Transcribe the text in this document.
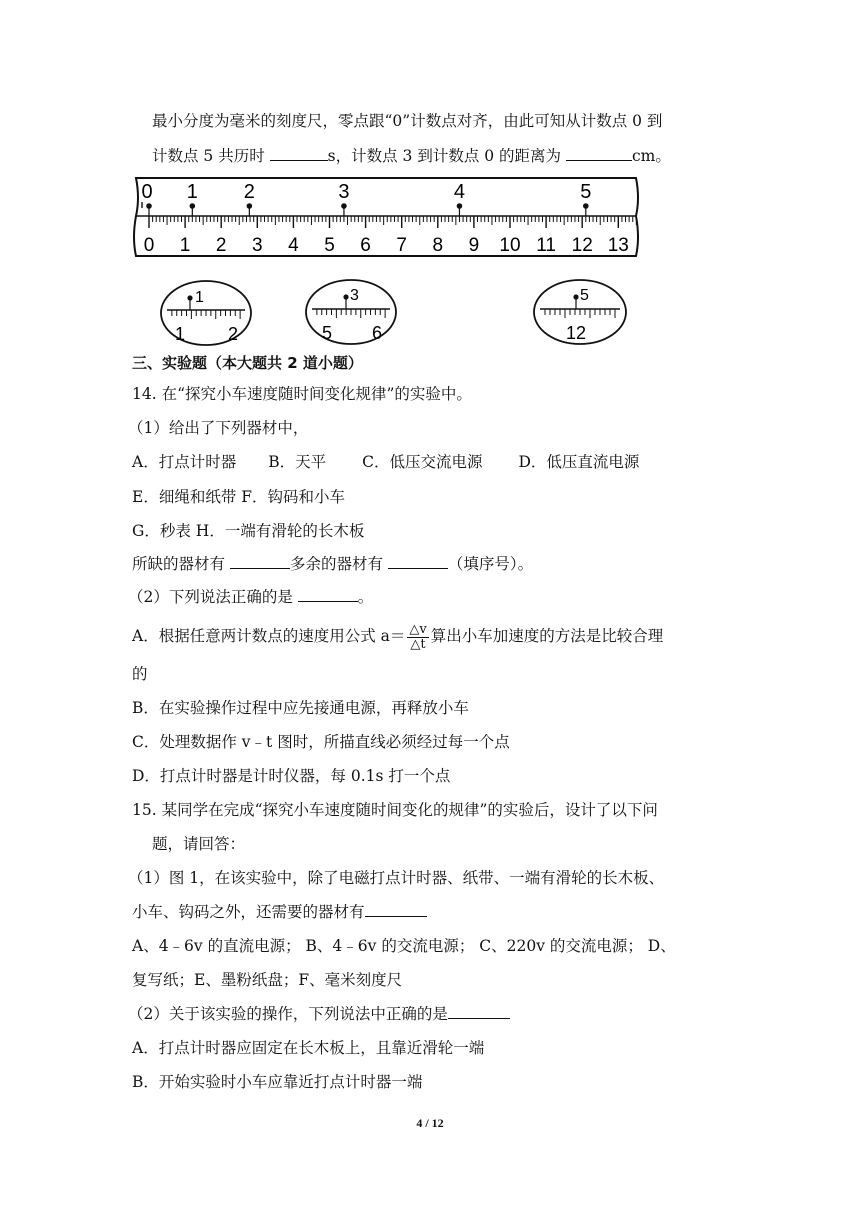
最小分度为毫米的刻度尺，零点跟“0”计数点对齐，由此可知从计数点 0 到
计数点 5 共历时	s，计数点 3 到计数点 0 的距离为	cm。
0 1 2 3 4 5 6 7 8 9 10 11 12 13
0 1 2	3	4	5
1
1 2
3
5 6
5
12
三、实验题（本大题共 2 道小题）
14. 在“探究小车速度随时间变化规律”的实验中。
（1）给出了下列器材中，
A．打点计时器 B．天平 C．低压交流电源 D．低压直流电源
E．细绳和纸带 F．钩码和小车
G．秒表 H．一端有滑轮的长木板
所缺的器材有	多余的器材有	（填序号）。
（2）下列说法正确的是	。
A．根据任意两计数点的速度用公式 $a= \frac{\triangle v}{\triangle t}$ 算出小车加速度的方法是比较合理
的
B．在实验操作过程中应先接通电源，再释放小车
C．处理数据作 v﹣t 图时，所描直线必须经过每一个点
D．打点计时器是计时仪器，每 0.1s 打一个点
15. 某同学在完成“探究小车速度随时间变化的规律”的实验后，设计了以下问
题，请回答：
（1）图 1，在该实验中，除了电磁打点计时器、纸带、一端有滑轮的长木板、
小车、钩码之外，还需要的器材有
A、4﹣6v 的直流电源； B、4﹣6v 的交流电源； C、220v 的交流电源； D、
复写纸；E、墨粉纸盘；F、毫米刻度尺
（2）关于该实验的操作，下列说法中正确的是
A．打点计时器应固定在长木板上，且靠近滑轮一端
B．开始实验时小车应靠近打点计时器一端
4 / 12
